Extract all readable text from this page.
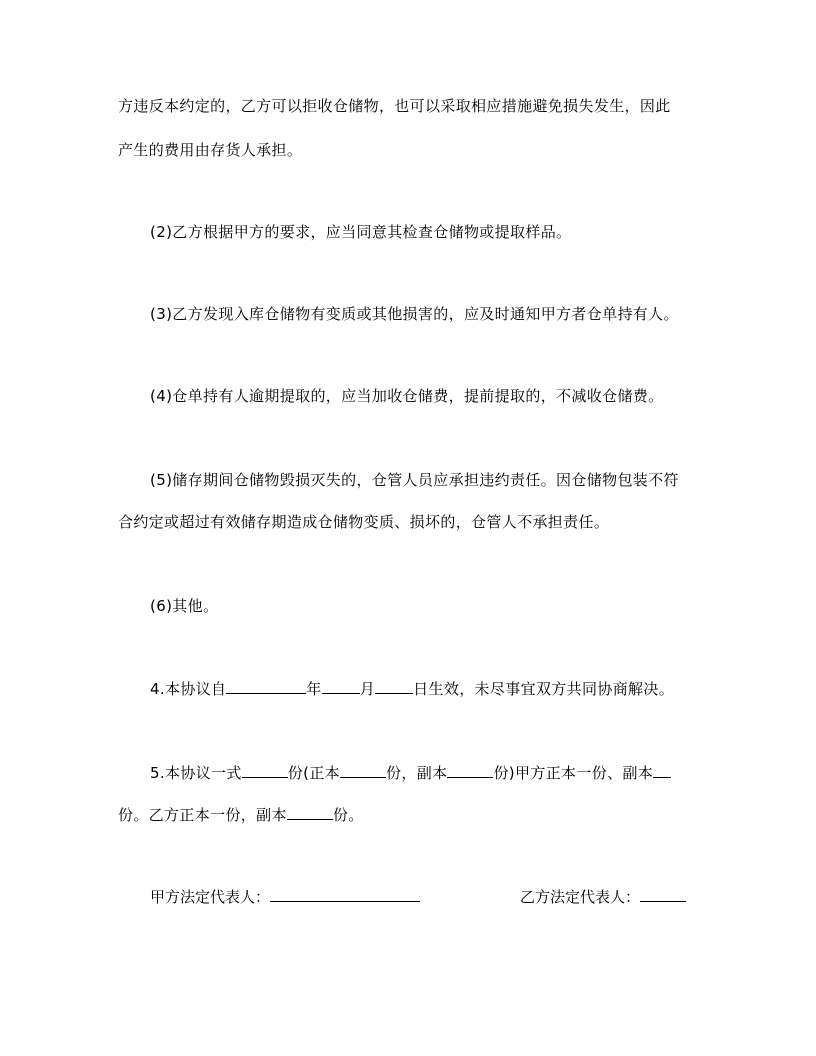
方违反本约定的，乙方可以拒收仓储物，也可以采取相应措施避免损失发生，因此
产生的费用由存货人承担。
(2)乙方根据甲方的要求，应当同意其检查仓储物或提取样品。
(3)乙方发现入库仓储物有变质或其他损害的，应及时通知甲方者仓单持有人。
(4)仓单持有人逾期提取的，应当加收仓储费，提前提取的，不减收仓储费。
(5)储存期间仓储物毁损灭失的，仓管人员应承担违约责任。因仓储物包装不符
合约定或超过有效储存期造成仓储物变质、损坏的，仓管人不承担责任。
(6)其他。
4.本协议自	年	月	日生效，未尽事宜双方共同协商解决。
5.本协议一式	份(正本	份，副本	份)甲方正本一份、副本
份。乙方正本一份，副本	份。
甲方法定代表人：	乙方法定代表人：
